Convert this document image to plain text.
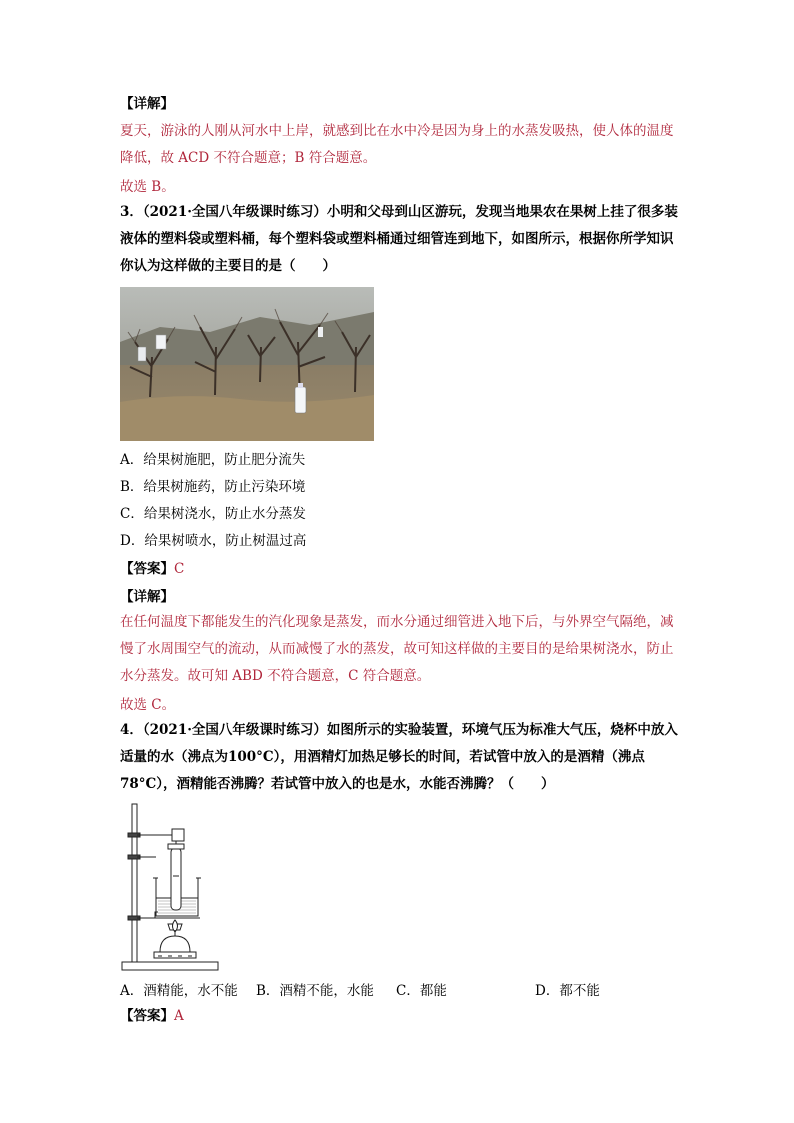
【详解】
夏天，游泳的人刚从河水中上岸，就感到比在水中冷是因为身上的水蒸发吸热，使人体的温度降低，故 ACD 不符合题意；B 符合题意。
故选 B。
3．（2021·全国八年级课时练习）小明和父母到山区游玩，发现当地果农在果树上挂了很多装液体的塑料袋或塑料桶，每个塑料袋或塑料桶通过细管连到地下，如图所示，根据你所学知识你认为这样做的主要目的是（　　）
A．给果树施肥，防止肥分流失
B．给果树施药，防止污染环境
C．给果树浇水，防止水分蒸发
D．给果树喷水，防止树温过高
【答案】C
【详解】
在任何温度下都能发生的汽化现象是蒸发，而水分通过细管进入地下后，与外界空气隔绝，减慢了水周围空气的流动，从而减慢了水的蒸发，故可知这样做的主要目的是给果树浇水，防止水分蒸发。故可知 ABD 不符合题意，C 符合题意。
故选 C。
4．（2021·全国八年级课时练习）如图所示的实验装置，环境气压为标准大气压，烧杯中放入适量的水（沸点为100°C），用酒精灯加热足够长的时间，若试管中放入的是酒精（沸点 78°C），酒精能否沸腾？若试管中放入的也是水，水能否沸腾？（　　）
A．酒精能，水不能 B．酒精不能，水能 C．都能	D．都不能
【答案】A
